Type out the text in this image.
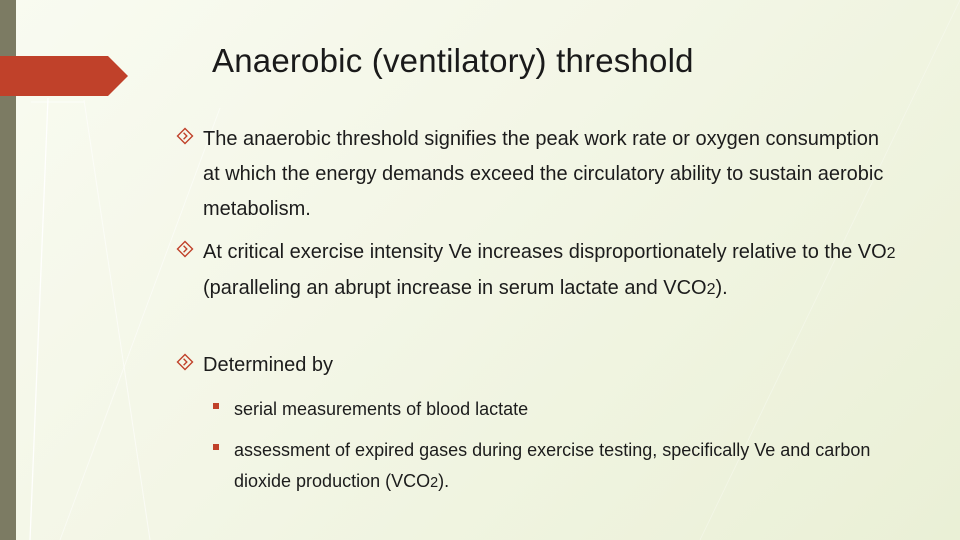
Anaerobic (ventilatory) threshold
The anaerobic threshold signifies the peak work rate or oxygen consumption at which the energy demands exceed the circulatory ability to sustain aerobic metabolism.
At critical exercise intensity Ve increases disproportionately relative to the VO2 (paralleling an abrupt increase in serum lactate and VCO2).
Determined by
serial measurements of blood lactate
assessment of expired gases during exercise testing, specifically Ve and carbon dioxide production (VCO2).
